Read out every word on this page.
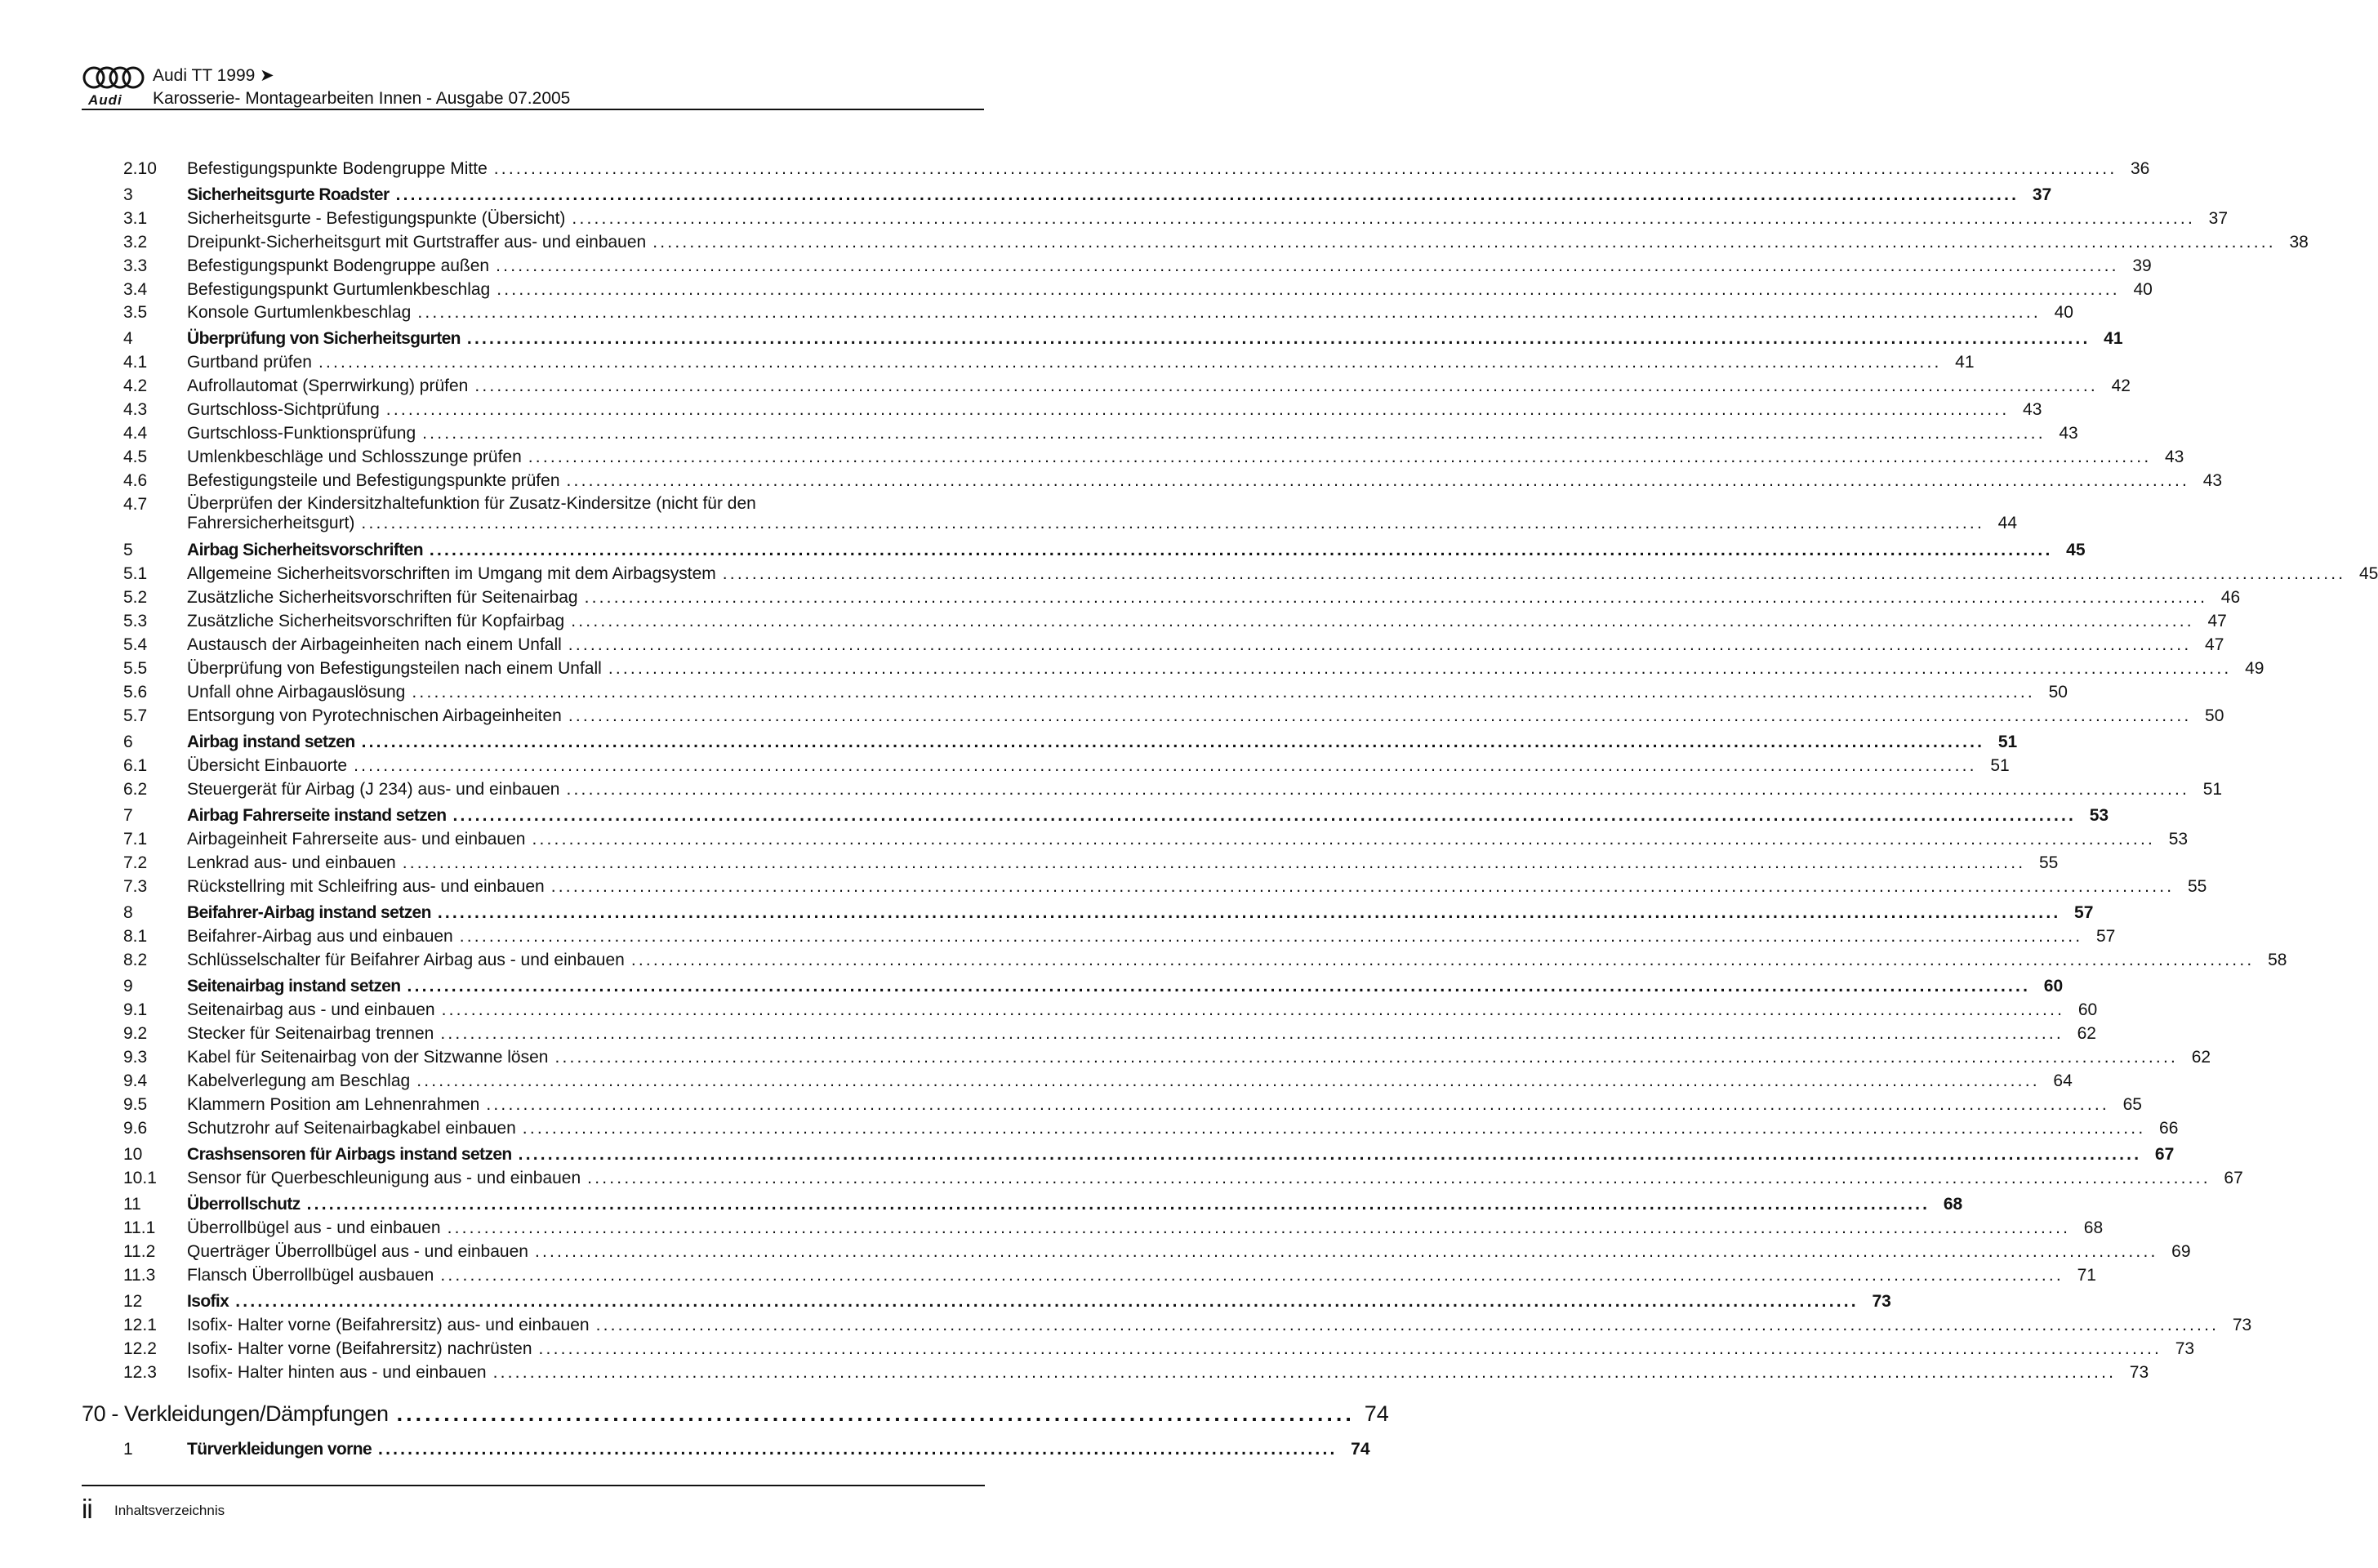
Audi
Audi TT 1999 ➤
Karosserie- Montagearbeiten Innen - Ausgabe 07.2005
2.10 Befestigungspunkte Bodengruppe Mitte ............................................................................................................................................................................................................................ 36
3	Sicherheitsgurte Roadster ............................................................................................................................................................................................................................ 37
3.1 Sicherheitsgurte - Befestigungspunkte (Übersicht) ............................................................................................................................................................................................................................ 37
3.2 Dreipunkt-Sicherheitsgurt mit Gurtstraffer aus- und einbauen ............................................................................................................................................................................................................................ 38
3.3 Befestigungspunkt Bodengruppe außen ............................................................................................................................................................................................................................ 39
3.4 Befestigungspunkt Gurtumlenkbeschlag ............................................................................................................................................................................................................................ 40
3.5 Konsole Gurtumlenkbeschlag ............................................................................................................................................................................................................................ 40
4	Überprüfung von Sicherheitsgurten ............................................................................................................................................................................................................................ 41
4.1 Gurtband prüfen ............................................................................................................................................................................................................................ 41
4.2 Aufrollautomat (Sperrwirkung) prüfen ............................................................................................................................................................................................................................ 42
4.3 Gurtschloss-Sichtprüfung ............................................................................................................................................................................................................................ 43
4.4 Gurtschloss-Funktionsprüfung ............................................................................................................................................................................................................................ 43
4.5 Umlenkbeschläge und Schlosszunge prüfen ............................................................................................................................................................................................................................ 43
4.6 Befestigungsteile und Befestigungspunkte prüfen ............................................................................................................................................................................................................................ 43
4.7 Überprüfen der Kindersitzhaltefunktion für Zusatz-Kindersitze (nicht für den
Fahrersicherheitsgurt) ............................................................................................................................................................................................................................ 44
5	Airbag Sicherheitsvorschriften ............................................................................................................................................................................................................................ 45
5.1 Allgemeine Sicherheitsvorschriften im Umgang mit dem Airbagsystem ............................................................................................................................................................................................................................ 45
5.2 Zusätzliche Sicherheitsvorschriften für Seitenairbag ............................................................................................................................................................................................................................ 46
5.3 Zusätzliche Sicherheitsvorschriften für Kopfairbag ............................................................................................................................................................................................................................ 47
5.4 Austausch der Airbageinheiten nach einem Unfall ............................................................................................................................................................................................................................ 47
5.5 Überprüfung von Befestigungsteilen nach einem Unfall ............................................................................................................................................................................................................................ 49
5.6 Unfall ohne Airbagauslösung ............................................................................................................................................................................................................................ 50
5.7 Entsorgung von Pyrotechnischen Airbageinheiten ............................................................................................................................................................................................................................ 50
6	Airbag instand setzen ............................................................................................................................................................................................................................ 51
6.1 Übersicht Einbauorte ............................................................................................................................................................................................................................ 51
6.2 Steuergerät für Airbag (J 234) aus- und einbauen ............................................................................................................................................................................................................................ 51
7	Airbag Fahrerseite instand setzen ............................................................................................................................................................................................................................ 53
7.1 Airbageinheit Fahrerseite aus- und einbauen ............................................................................................................................................................................................................................ 53
7.2 Lenkrad aus- und einbauen ............................................................................................................................................................................................................................ 55
7.3 Rückstellring mit Schleifring aus- und einbauen ............................................................................................................................................................................................................................ 55
8	Beifahrer-Airbag instand setzen ............................................................................................................................................................................................................................ 57
8.1 Beifahrer-Airbag aus und einbauen ............................................................................................................................................................................................................................ 57
8.2 Schlüsselschalter für Beifahrer Airbag aus - und einbauen ............................................................................................................................................................................................................................ 58
9	Seitenairbag instand setzen ............................................................................................................................................................................................................................ 60
9.1 Seitenairbag aus - und einbauen ............................................................................................................................................................................................................................ 60
9.2 Stecker für Seitenairbag trennen ............................................................................................................................................................................................................................ 62
9.3 Kabel für Seitenairbag von der Sitzwanne lösen ............................................................................................................................................................................................................................ 62
9.4 Kabelverlegung am Beschlag ............................................................................................................................................................................................................................ 64
9.5 Klammern Position am Lehnenrahmen ............................................................................................................................................................................................................................ 65
9.6 Schutzrohr auf Seitenairbagkabel einbauen ............................................................................................................................................................................................................................ 66
10	Crashsensoren für Airbags instand setzen ............................................................................................................................................................................................................................ 67
10.1 Sensor für Querbeschleunigung aus - und einbauen ............................................................................................................................................................................................................................ 67
11	Überrollschutz ............................................................................................................................................................................................................................ 68
11.1 Überrollbügel aus - und einbauen ............................................................................................................................................................................................................................ 68
11.2 Querträger Überrollbügel aus - und einbauen ............................................................................................................................................................................................................................ 69
11.3 Flansch Überrollbügel ausbauen ............................................................................................................................................................................................................................ 71
12	Isofix ............................................................................................................................................................................................................................ 73
12.1 Isofix- Halter vorne (Beifahrersitz) aus- und einbauen ............................................................................................................................................................................................................................ 73
12.2 Isofix- Halter vorne (Beifahrersitz) nachrüsten ............................................................................................................................................................................................................................ 73
12.3 Isofix- Halter hinten aus - und einbauen ............................................................................................................................................................................................................................ 73
70 - Verkleidungen/Dämpfungen ...................................................................................................... 74
1	Türverkleidungen vorne .................................................................................................................................. 74
ii Inhaltsverzeichnis
